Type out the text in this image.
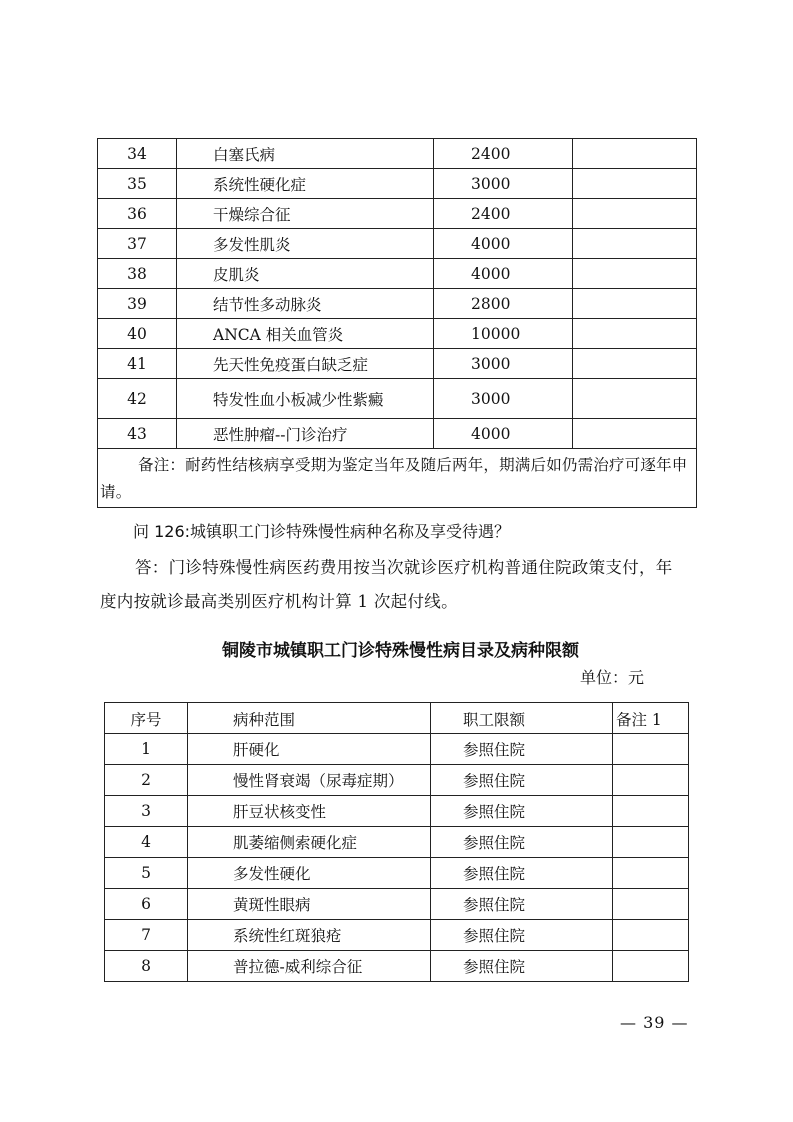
34	白塞氏病	2400	
35	系统性硬化症	3000	
36	干燥综合征	2400	
37	多发性肌炎	4000	
38	皮肌炎	4000	
39	结节性多动脉炎	2800	
40	ANCA 相关血管炎	10000	
41	先天性免疫蛋白缺乏症	3000	
42	特发性血小板减少性紫癜	3000	
43	恶性肿瘤--门诊治疗	4000	
备注：耐药性结核病享受期为鉴定当年及随后两年，期满后如仍需治疗可逐年申请。			
问 126:城镇职工门诊特殊慢性病种名称及享受待遇？
答：门诊特殊慢性病医药费用按当次就诊医疗机构普通住院政策支付，年
度内按就诊最高类别医疗机构计算 1 次起付线。
铜陵市城镇职工门诊特殊慢性病目录及病种限额
单位：元
序号	病种范围	职工限额	备注 1
1	肝硬化	参照住院	
2	慢性肾衰竭（尿毒症期）	参照住院	
3	肝豆状核变性	参照住院	
4	肌萎缩侧索硬化症	参照住院	
5	多发性硬化	参照住院	
6	黄斑性眼病	参照住院	
7	系统性红斑狼疮	参照住院	
8	普拉德-威利综合征	参照住院	
— 39 —
